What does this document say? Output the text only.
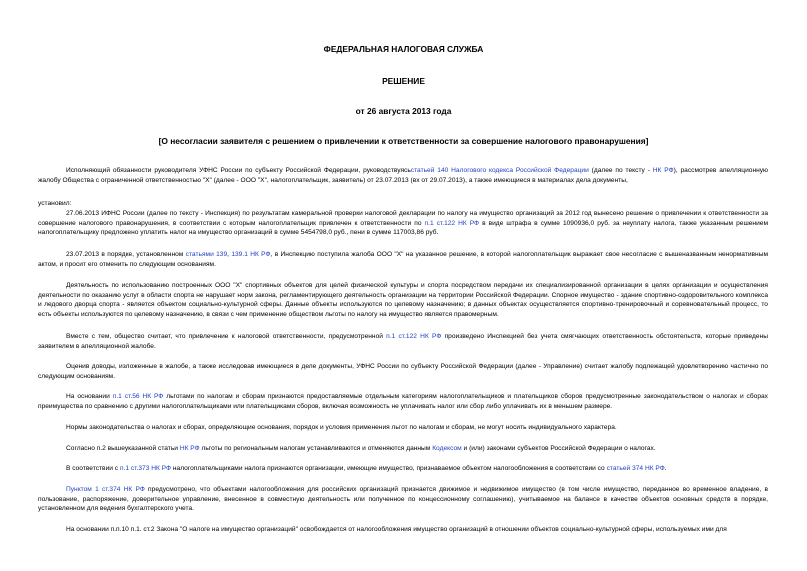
ФЕДЕРАЛЬНАЯ НАЛОГОВАЯ СЛУЖБА
РЕШЕНИЕ
от 26 августа 2013 года
[О несогласии заявителя с решением о привлечении к ответственности за совершение налогового правонарушения]
Исполняющий обязанности руководителя УФНС России по субъекту Российской Федерации, руководствуясьстатьей 140 Налогового кодекса Российской Федерации (далее по тексту - НК РФ), рассмотрев апелляционную жалобу Общества с ограниченной ответственностью "Х" (далее - ООО "Х", налогоплательщик, заявитель) от 23.07.2013 (вх от 29.07.2013), а также имеющиеся в материалах дела документы,
установил:
27.06.2013 ИФНС России (далее по тексту - Инспекция) по результатам камеральной проверки налоговой декларации по налогу на имущество организаций за 2012 год вынесено решение о привлечении к ответственности за совершение налогового правонарушения, в соответствии с которым налогоплательщик привлечен к ответственности по п.1 ст.122 НК РФ в виде штрафа в сумме 1090936,0 руб. за неуплату налога, также указанным решением налогоплательщику предложено уплатить налог на имущество организаций в сумме 5454798,0 руб., пени в сумме 117003,86 руб.
23.07.2013 в порядке, установленном статьями 139, 139.1 НК РФ, в Инспекцию поступила жалоба ООО "Х" на указанное решение, в которой налогоплательщик выражает свое несогласие с вышеназванным ненормативным актом, и просит его отменить по следующим основаниям.
Деятельность по использованию построенных ООО "Х" спортивных объектов для целей физической культуры и спорта посредством передачи их специализированной организации в целях организации и осуществления деятельности по оказанию услуг в области спорта не нарушает норм закона, регламентирующего деятельность организации на территории Российской Федерации. Спорное имущество - здание спортивно-оздоровительного комплекса и ледового дворца спорта - является объектом социально-культурной сферы. Данные объекты используются по целевому назначению; в данных объектах осуществляется спортивно-тренировочный и соревновательный процесс, то есть объекты используются по целевому назначению, в связи с чем применение обществом льготы по налогу на имущество является правомерным.
Вместе с тем, общество считает, что привлечение к налоговой ответственности, предусмотренной п.1 ст.122 НК РФ произведено Инспекцией без учета смягчающих ответственность обстоятельств, которые приведены заявителем в апелляционной жалобе.
Оценив доводы, изложенные в жалобе, а также исследовав имеющиеся в деле документы, УФНС России по субъекту Российской Федерации (далее - Управление) считает жалобу подлежащей удовлетворению частично по следующим основаниям.
На основании п.1 ст.56 НК РФ льготами по налогам и сборам признаются предоставляемые отдельным категориям налогоплательщиков и плательщиков сборов предусмотренные законодательством о налогах и сборах преимущества по сравнению с другими налогоплательщиками или плательщиками сборов, включая возможность не уплачивать налог или сбор либо уплачивать их в меньшем размере.
Нормы законодательства о налогах и сборах, определяющие основания, порядок и условия применения льгот по налогам и сборам, не могут носить индивидуального характера.
Согласно п.2 вышеуказанной статьи НК РФ льготы по региональным налогам устанавливаются и отменяются данным Кодексом и (или) законами субъектов Российской Федерации о налогах.
В соответствии с п.1 ст.373 НК РФ налогоплательщиками налога признаются организации, имеющие имущество, признаваемое объектом налогообложения в соответствии со статьей 374 НК РФ.
Пунктом 1 ст.374 НК РФ предусмотрено, что объектами налогообложения для российских организаций признается движимое и недвижимое имущество (в том числе имущество, переданное во временное владение, в пользование, распоряжение, доверительное управление, внесенное в совместную деятельность или полученное по концессионному соглашению), учитываемое на балансе в качестве объектов основных средств в порядке, установленном для ведения бухгалтерского учета.
На основании п.п.10 п.1. ст.2 Закона "О налоге на имущество организаций" освобождается от налогообложения имущество организаций в отношении объектов социально-культурной сферы, используемых ими для
